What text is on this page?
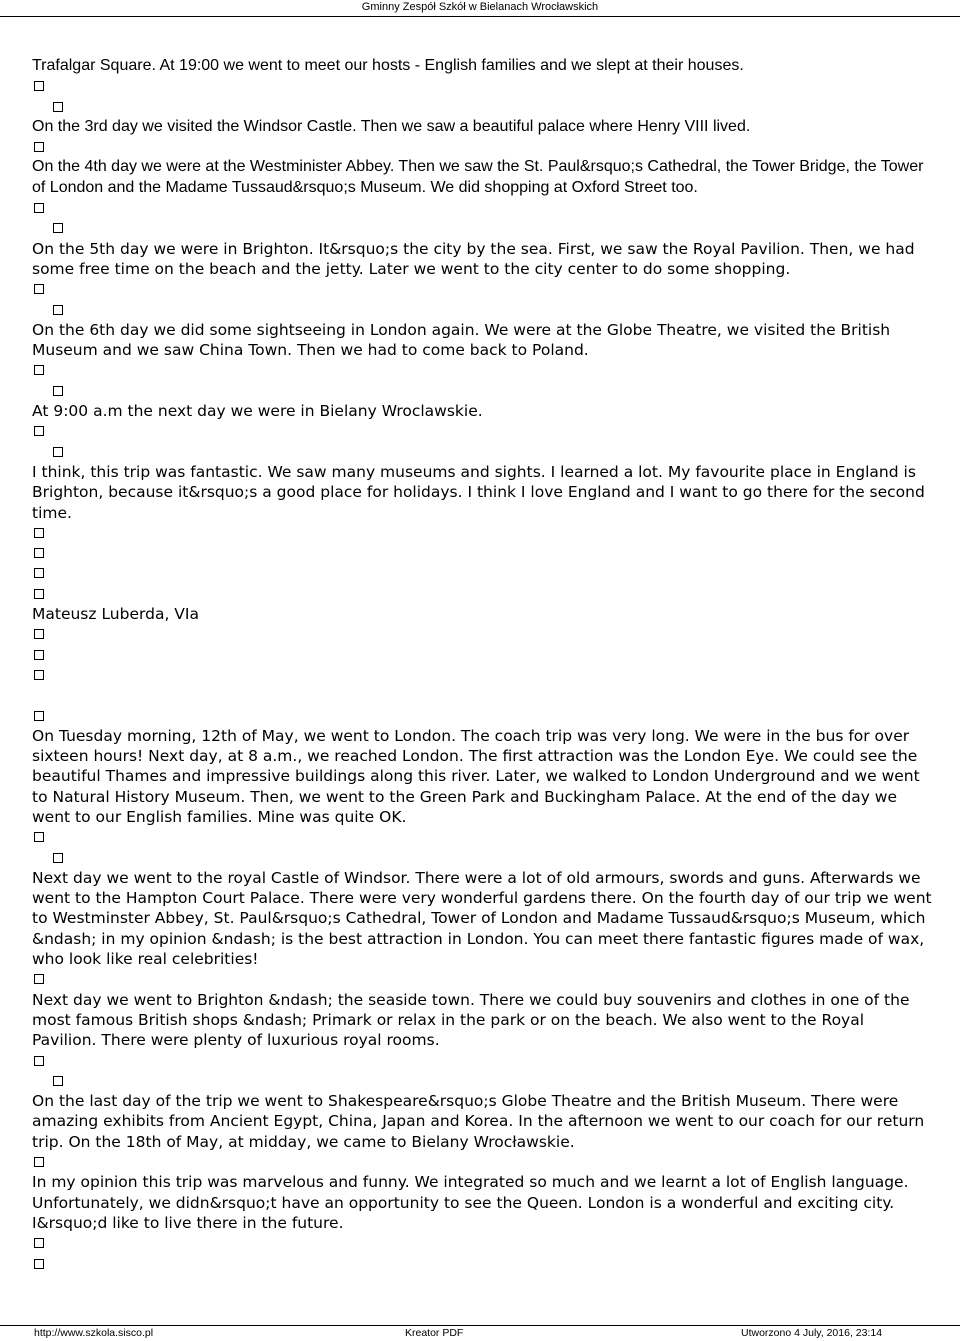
Gminny Zespół Szkół w Bielanach Wrocławskich

Trafalgar Square. At 19:00 we went to meet our hosts - English families and we slept at their houses.

On the 3rd day we visited the Windsor Castle. Then we saw a beautiful palace where Henry VIII lived.

On the 4th day we were at the Westminister Abbey. Then we saw the St. Paul&rsquo;s Cathedral, the Tower Bridge, the Tower of London and the Madame Tussaud&rsquo;s Museum. We did shopping at Oxford Street too.

On the 5th day we were in Brighton. It&rsquo;s the city by the sea. First, we saw the Royal Pavilion. Then, we had some free time on the beach and the jetty. Later we went to the city center to do some shopping.

On the 6th day we did some sightseeing in London again. We were at the Globe Theatre, we visited the British Museum and we saw China Town. Then we had to come back to Poland.

At 9:00 a.m the next day we were in Bielany Wroclawskie.

I think, this trip was fantastic. We saw many museums and sights. I learned a lot. My favourite place in England is Brighton, because it&rsquo;s a good place for holidays. I think I love England and I want to go there for the second time.

Mateusz Luberda, VIa

On Tuesday morning, 12th of May, we went to London. The coach trip was very long. We were in the bus for over sixteen hours! Next day, at 8 a.m., we reached London. The first attraction was the London Eye. We could see the beautiful Thames and impressive buildings along this river. Later, we walked to London Underground and we went to Natural History Museum. Then, we went to the Green Park and Buckingham Palace. At the end of the day we went to our English families. Mine was quite OK.

Next day we went to the royal Castle of Windsor. There were a lot of old armours, swords and guns. Afterwards we went to the Hampton Court Palace. There were very wonderful gardens there. On the fourth day of our trip we went to Westminster Abbey, St. Paul&rsquo;s Cathedral, Tower of London and Madame Tussaud&rsquo;s Museum, which &ndash; in my opinion &ndash; is the best attraction in London. You can meet there fantastic figures made of wax, who look like real celebrities!

Next day we went to Brighton &ndash; the seaside town. There we could buy souvenirs and clothes in one of the most famous British shops &ndash; Primark or relax in the park or on the beach. We also went to the Royal Pavilion. There were plenty of luxurious royal rooms.

On the last day of the trip we went to Shakespeare&rsquo;s Globe Theatre and the British Museum. There were amazing exhibits from Ancient Egypt, China, Japan and Korea. In the afternoon we went to our coach for our return trip. On the 18th of May, at midday, we came to Bielany Wrocławskie.

In my opinion this trip was marvelous and funny. We integrated so much and we learnt a lot of English language. Unfortunately, we didn&rsquo;t have an opportunity to see the Queen. London is a wonderful and exciting city. I&rsquo;d like to live there in the future.

http://www.szkola.sisco.pl	Kreator PDF	Utworzono 4 July, 2016, 23:14
